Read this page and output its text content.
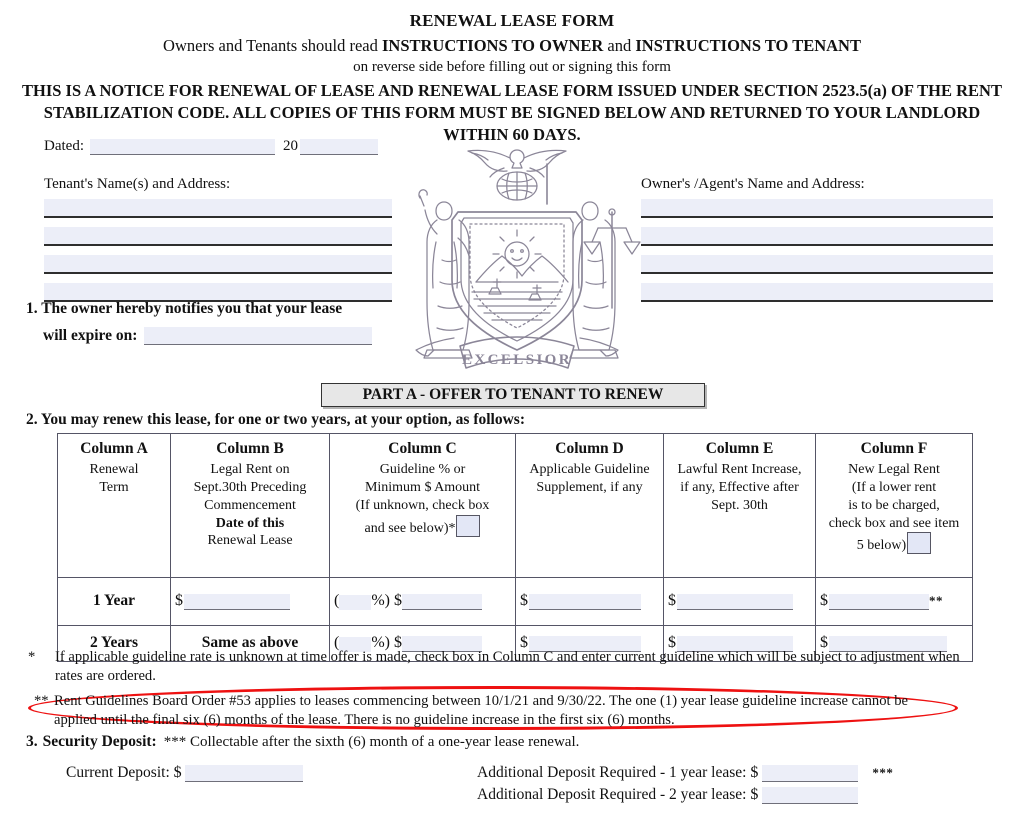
RENEWAL LEASE FORM
Owners and Tenants should read INSTRUCTIONS TO OWNER and INSTRUCTIONS TO TENANT
on reverse side before filling out or signing this form
THIS IS A NOTICE FOR RENEWAL OF LEASE AND RENEWAL LEASE FORM ISSUED UNDER SECTION 2523.5(a) OF THE RENT STABILIZATION CODE. ALL COPIES OF THIS FORM MUST BE SIGNED BELOW AND RETURNED TO YOUR LANDLORD WITHIN 60 DAYS.
Dated:	20
Tenant's Name(s) and Address:	Owner's /Agent's Name and Address:
EXCELSIOR
1. The owner hereby notifies you that your lease
will expire on:
PART A - OFFER TO TENANT TO RENEW
2. You may renew this lease, for one or two years, at your option, as follows:
Column A
Renewal
Term	
Column B
Legal Rent on
Sept.30th Preceding
Commencement
Date of this
Renewal Lease	
Column C
Guideline % or
Minimum $ Amount
(If unknown, check box
and see below)*	
Column D
Applicable Guideline
Supplement, if any	
Column E
Lawful Rent Increase,
if any, Effective after
Sept. 30th	
Column F
New Legal Rent
(If a lower rent
is to be charged,
check box and see item
5 below)
1 Year	$	( %) $	$	$	$ **
2 Years	Same as above	( %) $	$	$	$
*	If applicable guideline rate is unknown at time offer is made, check box in Column C and enter current guideline which will be subject to adjustment when rates are ordered.
** Rent Guidelines Board Order #53 applies to leases commencing between 10/1/21 and 9/30/22. The one (1) year lease guideline increase cannot be applied until the final six (6) months of the lease. There is no guideline increase in the first six (6) months.
3. Security Deposit: *** Collectable after the sixth (6) month of a one-year lease renewal.
Current Deposit: $	Additional Deposit Required - 1 year lease: $	***
Additional Deposit Required - 2 year lease: $
